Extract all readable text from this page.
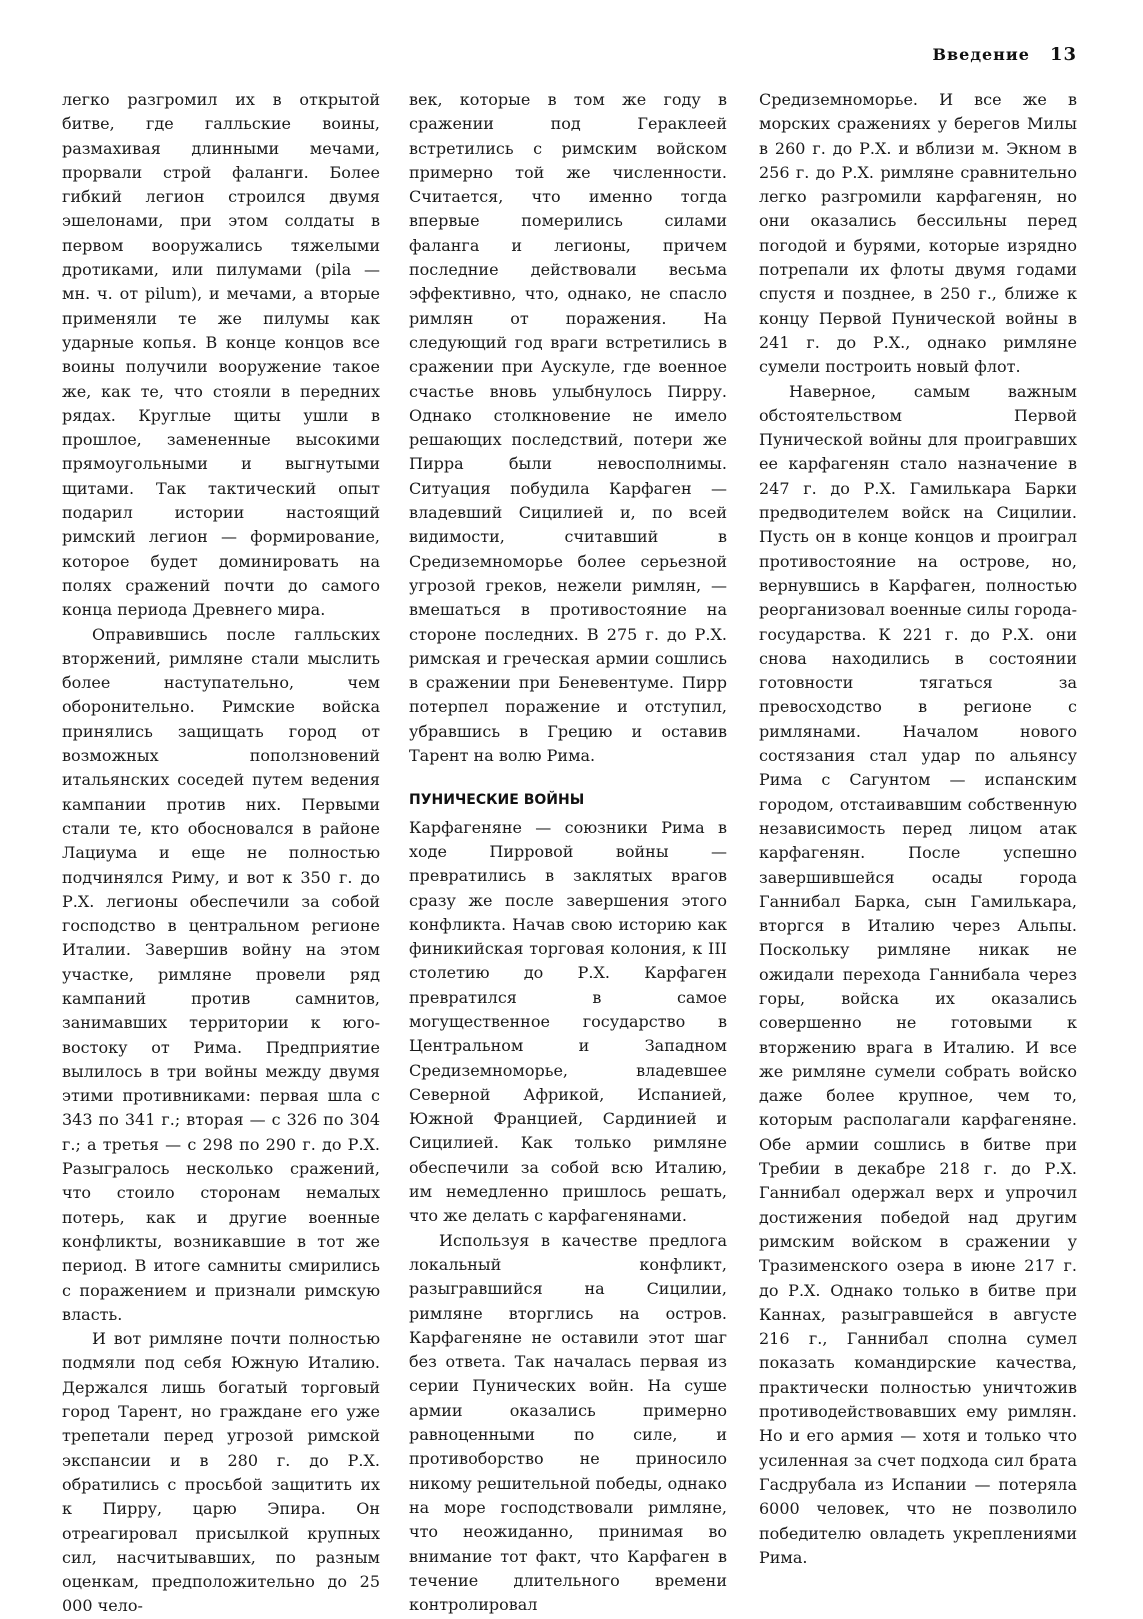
Введение 13

легко разгромил их в открытой битве, где галльские воины, размахивая длинными мечами, прорвали строй фаланги. Более гибкий легион строился двумя эшелонами, при этом солдаты в первом вооружались тяжелыми дротиками, или пилумами (pila — мн. ч. от pilum), и мечами, а вторые применяли те же пилумы как ударные копья. В конце концов все воины получили вооружение такое же, как те, что стояли в передних рядах. Круглые щиты ушли в прошлое, замененные высокими прямоугольными и выгнутыми щитами. Так тактический опыт подарил истории настоящий римский легион — формирование, которое будет доминировать на полях сражений почти до самого конца периода Древнего мира.

Оправившись после галльских вторжений, римляне стали мыслить более наступательно, чем оборонительно. Римские войска принялись защищать город от возможных поползновений итальянских соседей путем ведения кампании против них. Первыми стали те, кто обосновался в районе Лациума и еще не полностью подчинялся Риму, и вот к 350 г. до Р.Х. легионы обеспечили за собой господство в центральном регионе Италии. Завершив войну на этом участке, римляне провели ряд кампаний против самнитов, занимавших территории к юго-востоку от Рима. Предприятие вылилось в три войны между двумя этими противниками: первая шла с 343 по 341 г.; вторая — с 326 по 304 г.; а третья — с 298 по 290 г. до Р.Х. Разыгралось несколько сражений, что стоило сторонам немалых потерь, как и другие военные конфликты, возникавшие в тот же период. В итоге самниты смирились с поражением и признали римскую власть.

И вот римляне почти полностью подмяли под себя Южную Италию. Держался лишь богатый торговый город Тарент, но граждане его уже трепетали перед угрозой римской экспансии и в 280 г. до Р.Х. обратились с просьбой защитить их к Пирру, царю Эпира. Он отреагировал присылкой крупных сил, насчитывавших, по разным оценкам, предположительно до 25 000 чело-

век, которые в том же году в сражении под Гераклеей встретились с римским войском примерно той же численности. Считается, что именно тогда впервые померились силами фаланга и легионы, причем последние действовали весьма эффективно, что, однако, не спасло римлян от поражения. На следующий год враги встретились в сражении при Аускуле, где военное счастье вновь улыбнулось Пирру. Однако столкновение не имело решающих последствий, потери же Пирра были невосполнимы. Ситуация побудила Карфаген — владевший Сицилией и, по всей видимости, считавший в Средиземноморье более серьезной угрозой греков, нежели римлян, — вмешаться в противостояние на стороне последних. В 275 г. до Р.Х. римская и греческая армии сошлись в сражении при Беневентуме. Пирр потерпел поражение и отступил, убравшись в Грецию и оставив Тарент на волю Рима.

ПУНИЧЕСКИЕ ВОЙНЫ

Карфагеняне — союзники Рима в ходе Пирровой войны — превратились в заклятых врагов сразу же после завершения этого конфликта. Начав свою историю как финикийская торговая колония, к III столетию до Р.Х. Карфаген превратился в самое могущественное государство в Центральном и Западном Средиземноморье, владевшее Северной Африкой, Испанией, Южной Францией, Сардинией и Сицилией. Как только римляне обеспечили за собой всю Италию, им немедленно пришлось решать, что же делать с карфагенянами.

Используя в качестве предлога локальный конфликт, разыгравшийся на Сицилии, римляне вторглись на остров. Карфагеняне не оставили этот шаг без ответа. Так началась первая из серии Пунических войн. На суше армии оказались примерно равноценными по силе, и противоборство не приносило никому решительной победы, однако на море господствовали римляне, что неожиданно, принимая во внимание тот факт, что Карфаген в течение длительного времени контролировал

Средиземноморье. И все же в морских сражениях у берегов Милы в 260 г. до Р.Х. и вблизи м. Экном в 256 г. до Р.Х. римляне сравнительно легко разгромили карфагенян, но они оказались бессильны перед погодой и бурями, которые изрядно потрепали их флоты двумя годами спустя и позднее, в 250 г., ближе к концу Первой Пунической войны в 241 г. до Р.Х., однако римляне сумели построить новый флот.

Наверное, самым важным обстоятельством Первой Пунической войны для проигравших ее карфагенян стало назначение в 247 г. до Р.Х. Гамилькара Барки предводителем войск на Сицилии. Пусть он в конце концов и проиграл противостояние на острове, но, вернувшись в Карфаген, полностью реорганизовал военные силы города-государства. К 221 г. до Р.Х. они снова находились в состоянии готовности тягаться за превосходство в регионе с римлянами. Началом нового состязания стал удар по альянсу Рима с Сагунтом — испанским городом, отстаивавшим собственную независимость перед лицом атак карфагенян. После успешно завершившейся осады города Ганнибал Барка, сын Гамилькара, вторгся в Италию через Альпы. Поскольку римляне никак не ожидали перехода Ганнибала через горы, войска их оказались совершенно не готовыми к вторжению врага в Италию. И все же римляне сумели собрать войско даже более крупное, чем то, которым располагали карфагеняне. Обе армии сошлись в битве при Требии в декабре 218 г. до Р.Х. Ганнибал одержал верх и упрочил достижения победой над другим римским войском в сражении у Тразименского озера в июне 217 г. до Р.Х. Однако только в битве при Каннах, разыгравшейся в августе 216 г., Ганнибал сполна сумел показать командирские качества, практически полностью уничтожив противодействовавших ему римлян. Но и его армия — хотя и только что усиленная за счет подхода сил брата Гасдрубала из Испании — потеряла 6000 человек, что не позволило победителю овладеть укреплениями Рима.
